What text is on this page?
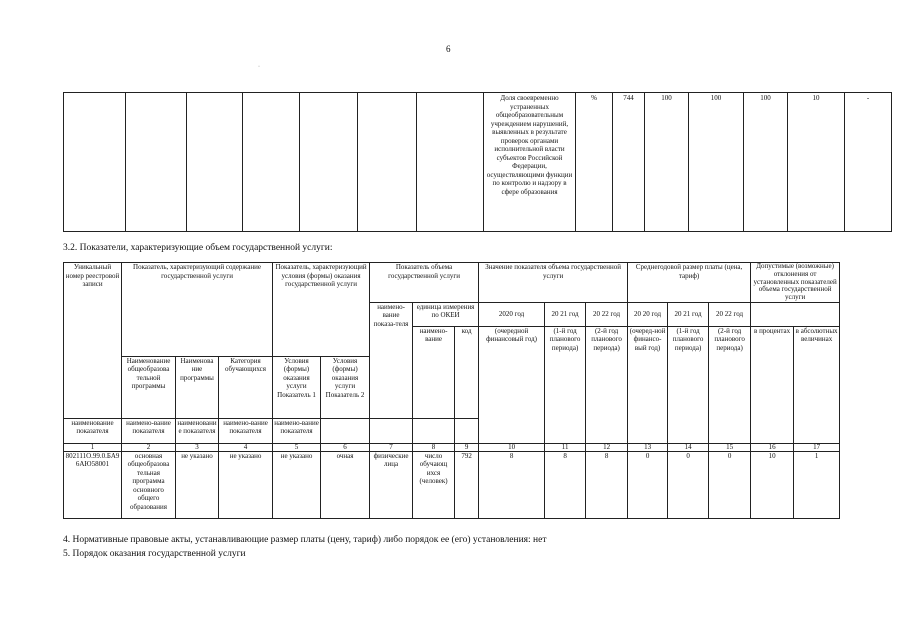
6
·
							Доля своевременно устраненных общеобразовательным учреждением нарушений, выявленных в результате проверок органами исполнительной власти субъектов Российской Федерации, осуществляющими функции по контролю и надзору в сфере образования	%	744	100	100	100	10	-
3.2. Показатели, характеризующие объем государственной услуги:
Уникальный номер реестровой записи	Показатель, характеризующий содержание государственной услуги			Показатель, характеризующий условия (формы) оказания государственной услуги		Показатель объема государственной услуги			Значение показателя объема государственной услуги			Среднегодовой размер платы (цена, тариф)			Допустимые (возможные) отклонения от установленных показателей объема государственной услуги	
						наимено-вание показа-теля	единица измерения по ОКЕИ		2020 год	20 21 год	20 22 год	20 20 год	20 21 год	20 22 год		
							наимено-вание	код	(очередной финансовый год)	(1-й год планового периода)	(2-й год планового периода)	(очеред-ной финансо-вый год)	(1-й год планового периода)	(2-й год планового периода)	в процентах	в абсолютных величинах
	Наименование общеобразова тельной программы	Наименова ние программы	Категория обучающихся	Условия (формы) оказания услуги Показатель 1	Условия (формы) оказания услуги Показатель 2											
наименование показателя	наимено-вание показателя	наименование показателя	наимено-вание показателя	наимено-вание показателя												
1	2	3	4	5	6	7	8	9	10	11	12	13	14	15	16	17
802111О.99.0.БА96АЮ58001	основная общеобразова тельная программа основного общего образования	не указано	не указано	не указано	очная	физические лица	число обучающ ихся (человек)	792	8	8	8	0	0	0	10	1
4. Нормативные правовые акты, устанавливающие размер платы (цену, тариф) либо порядок ее (его) установления: нет
5. Порядок оказания государственной услуги
